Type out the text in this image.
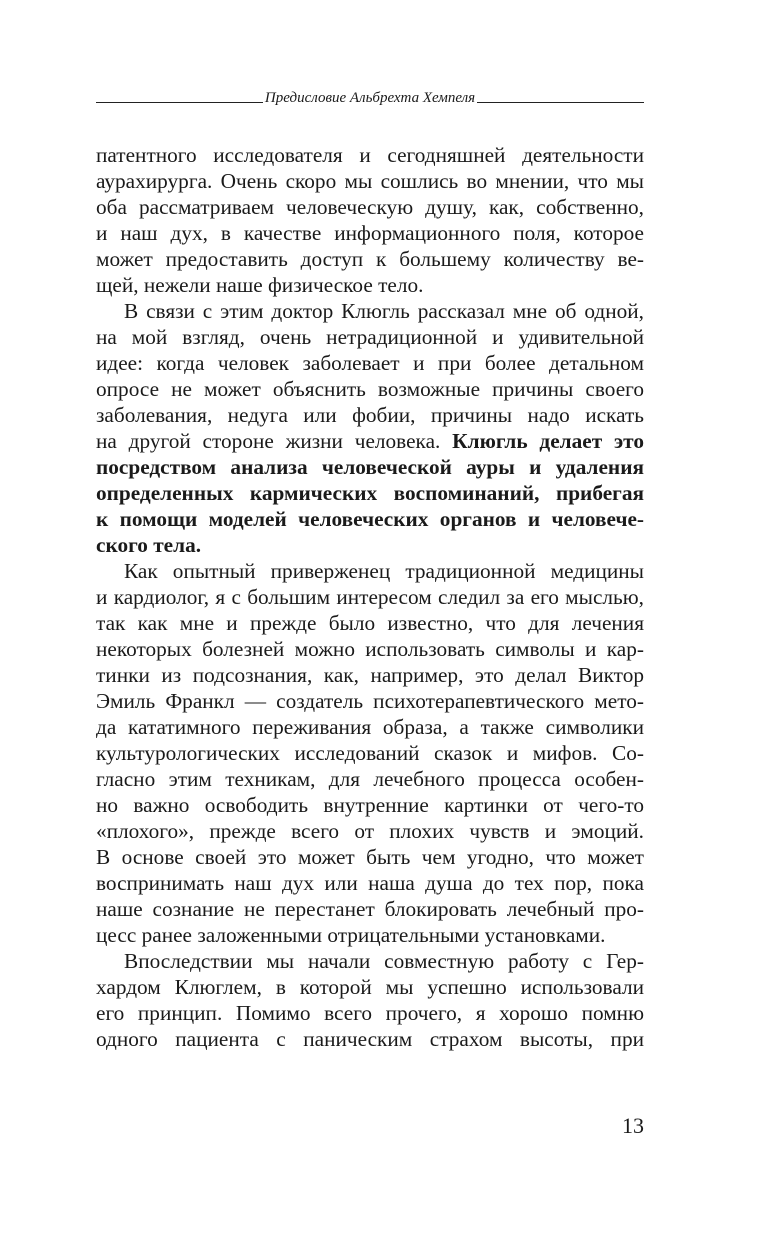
Предисловие Альбрехта Хемпеля
патентного исследователя и сегодняшней деятельности
аурахирурга. Очень скоро мы сошлись во мнении, что мы
оба рассматриваем человеческую душу, как, собственно,
и наш дух, в качестве информационного поля, которое
может предоставить доступ к большему количеству ве-
щей, нежели наше физическое тело.
В связи с этим доктор Клюгль рассказал мне об одной,
на мой взгляд, очень нетрадиционной и удивительной
идее: когда человек заболевает и при более детальном
опросе не может объяснить возможные причины своего
заболевания, недуга или фобии, причины надо искать
на другой стороне жизни человека. Клюгль делает это
посредством анализа человеческой ауры и удаления
определенных кармических воспоминаний, прибегая
к помощи моделей человеческих органов и человече-
ского тела.
Как опытный приверженец традиционной медицины
и кардиолог, я с большим интересом следил за его мыслью,
так как мне и прежде было известно, что для лечения
некоторых болезней можно использовать символы и кар-
тинки из подсознания, как, например, это делал Виктор
Эмиль Франкл — создатель психотерапевтического мето-
да кататимного переживания образа, а также символики
культурологических исследований сказок и мифов. Со-
гласно этим техникам, для лечебного процесса особен-
но важно освободить внутренние картинки от чего-то
«плохого», прежде всего от плохих чувств и эмоций.
В основе своей это может быть чем угодно, что может
воспринимать наш дух или наша душа до тех пор, пока
наше сознание не перестанет блокировать лечебный про-
цесс ранее заложенными отрицательными установками.
Впоследствии мы начали совместную работу с Гер-
хардом Клюглем, в которой мы успешно использовали
его принцип. Помимо всего прочего, я хорошо помню
одного пациента с паническим страхом высоты, при
13
